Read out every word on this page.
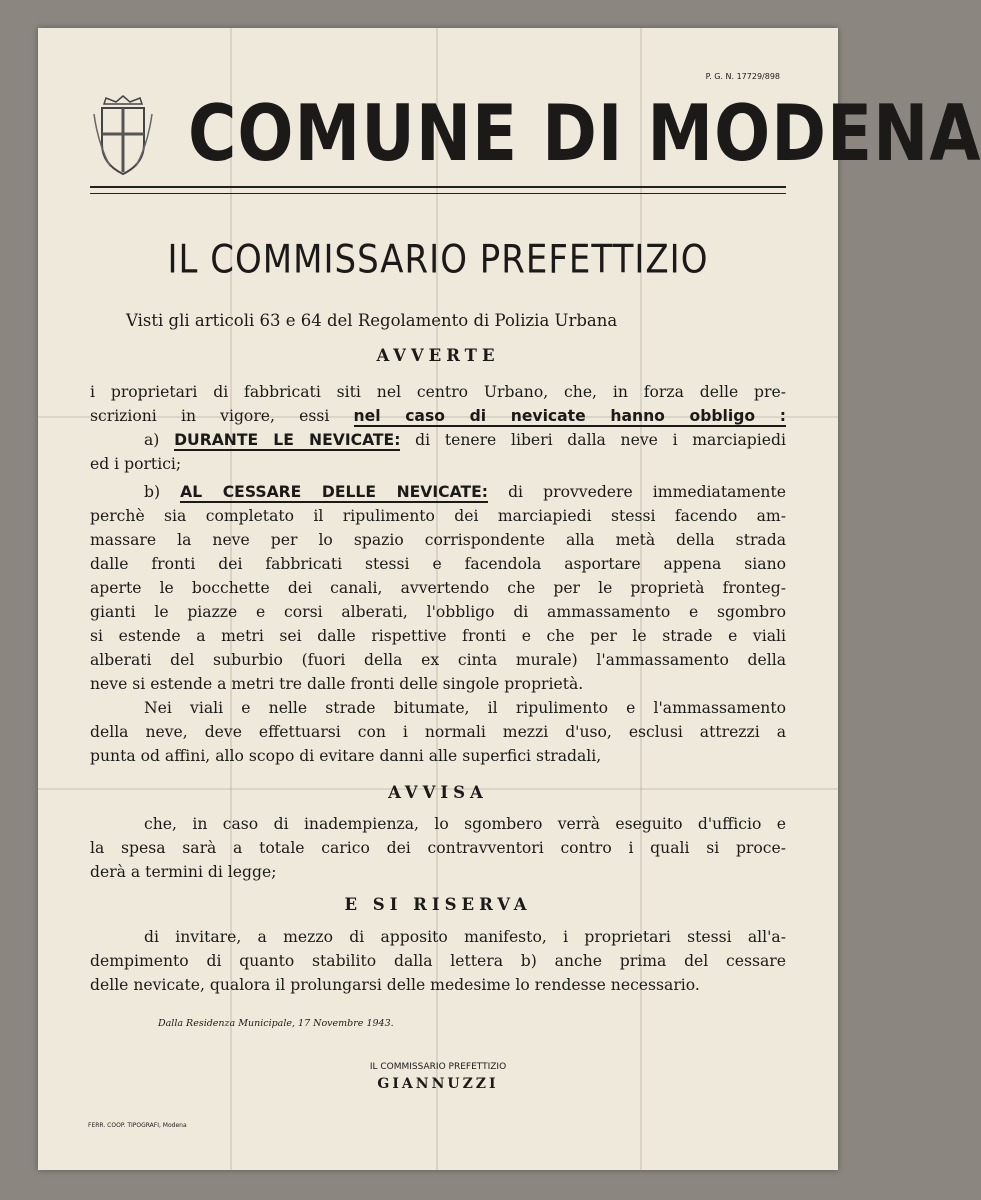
P. G. N. 17729/898
COMUNE DI MODENA
IL COMMISSARIO PREFETTIZIO
Visti gli articoli 63 e 64 del Regolamento di Polizia Urbana
AVVERTE
i proprietari di fabbricati siti nel centro Urbano, che, in forza delle pre-
scrizioni in vigore, essi nel caso di nevicate hanno obbligo :
a) DURANTE LE NEVICATE: di tenere liberi dalla neve i marciapiedi
ed i portici;
b) AL CESSARE DELLE NEVICATE: di provvedere immediatamente
perchè sia completato il ripulimento dei marciapiedi stessi facendo am-
massare la neve per lo spazio corrispondente alla metà della strada
dalle fronti dei fabbricati stessi e facendola asportare appena siano
aperte le bocchette dei canali, avvertendo che per le proprietà fronteg-
gianti le piazze e corsi alberati, l'obbligo di ammassamento e sgombro
si estende a metri sei dalle rispettive fronti e che per le strade e viali
alberati del suburbio (fuori della ex cinta murale) l'ammassamento della
neve si estende a metri tre dalle fronti delle singole proprietà.
Nei viali e nelle strade bitumate, il ripulimento e l'ammassamento
della neve, deve effettuarsi con i normali mezzi d'uso, esclusi attrezzi a
punta od affini, allo scopo di evitare danni alle superfici stradali,
AVVISA
che, in caso di inadempienza, lo sgombero verrà eseguito d'ufficio e
la spesa sarà a totale carico dei contravventori contro i quali si proce-
derà a termini di legge;
E SI RISERVA
di invitare, a mezzo di apposito manifesto, i proprietari stessi all'a-
dempimento di quanto stabilito dalla lettera b) anche prima del cessare
delle nevicate, qualora il prolungarsi delle medesime lo rendesse necessario.
Dalla Residenza Municipale, 17 Novembre 1943.
IL COMMISSARIO PREFETTIZIO
GIANNUZZI
FERR. COOP. TIPOGRAFI, Modena
